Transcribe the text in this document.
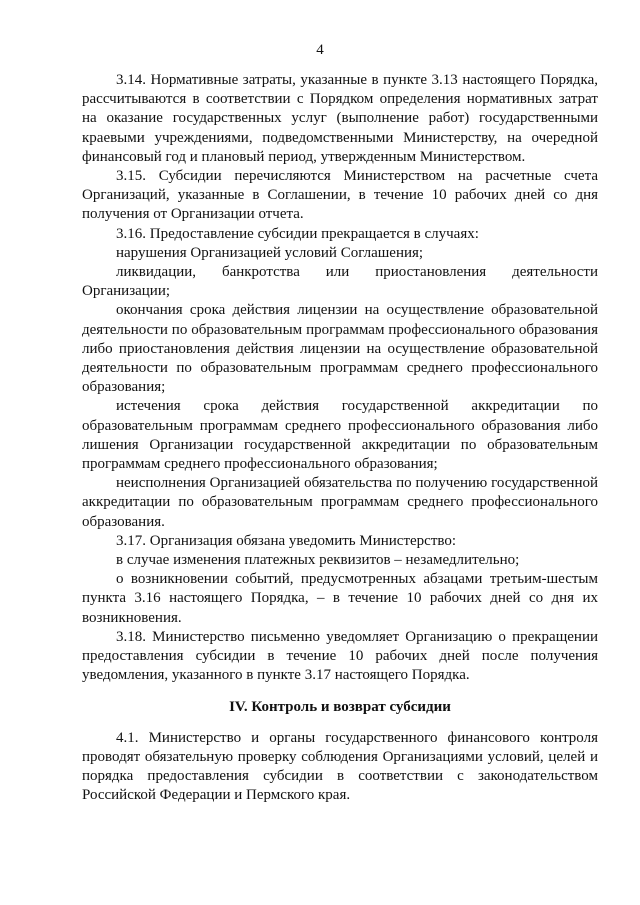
4

3.14. Нормативные затраты, указанные в пункте 3.13 настоящего Порядка, рассчитываются в соответствии с Порядком определения нормативных затрат на оказание государственных услуг (выполнение работ) государственными краевыми учреждениями, подведомственными Министерству, на очередной финансовый год и плановый период, утвержденным Министерством.

3.15. Субсидии перечисляются Министерством на расчетные счета Организаций, указанные в Соглашении, в течение 10 рабочих дней со дня получения от Организации отчета.

3.16. Предоставление субсидии прекращается в случаях:

нарушения Организацией условий Соглашения;

ликвидации, банкротства или приостановления деятельности Организации;

окончания срока действия лицензии на осуществление образовательной деятельности по образовательным программам профессионального образования либо приостановления действия лицензии на осуществление образовательной деятельности по образовательным программам среднего профессионального образования;

истечения срока действия государственной аккредитации по образовательным программам среднего профессионального образования либо лишения Организации государственной аккредитации по образовательным программам среднего профессионального образования;

неисполнения Организацией обязательства по получению государственной аккредитации по образовательным программам среднего профессионального образования.

3.17. Организация обязана уведомить Министерство:

в случае изменения платежных реквизитов – незамедлительно;

о возникновении событий, предусмотренных абзацами третьим-шестым пункта 3.16 настоящего Порядка, – в течение 10 рабочих дней со дня их возникновения.

3.18. Министерство письменно уведомляет Организацию о прекращении предоставления субсидии в течение 10 рабочих дней после получения уведомления, указанного в пункте 3.17 настоящего Порядка.

IV. Контроль и возврат субсидии

4.1. Министерство и органы государственного финансового контроля проводят обязательную проверку соблюдения Организациями условий, целей и порядка предоставления субсидии в соответствии с законодательством Российской Федерации и Пермского края.
